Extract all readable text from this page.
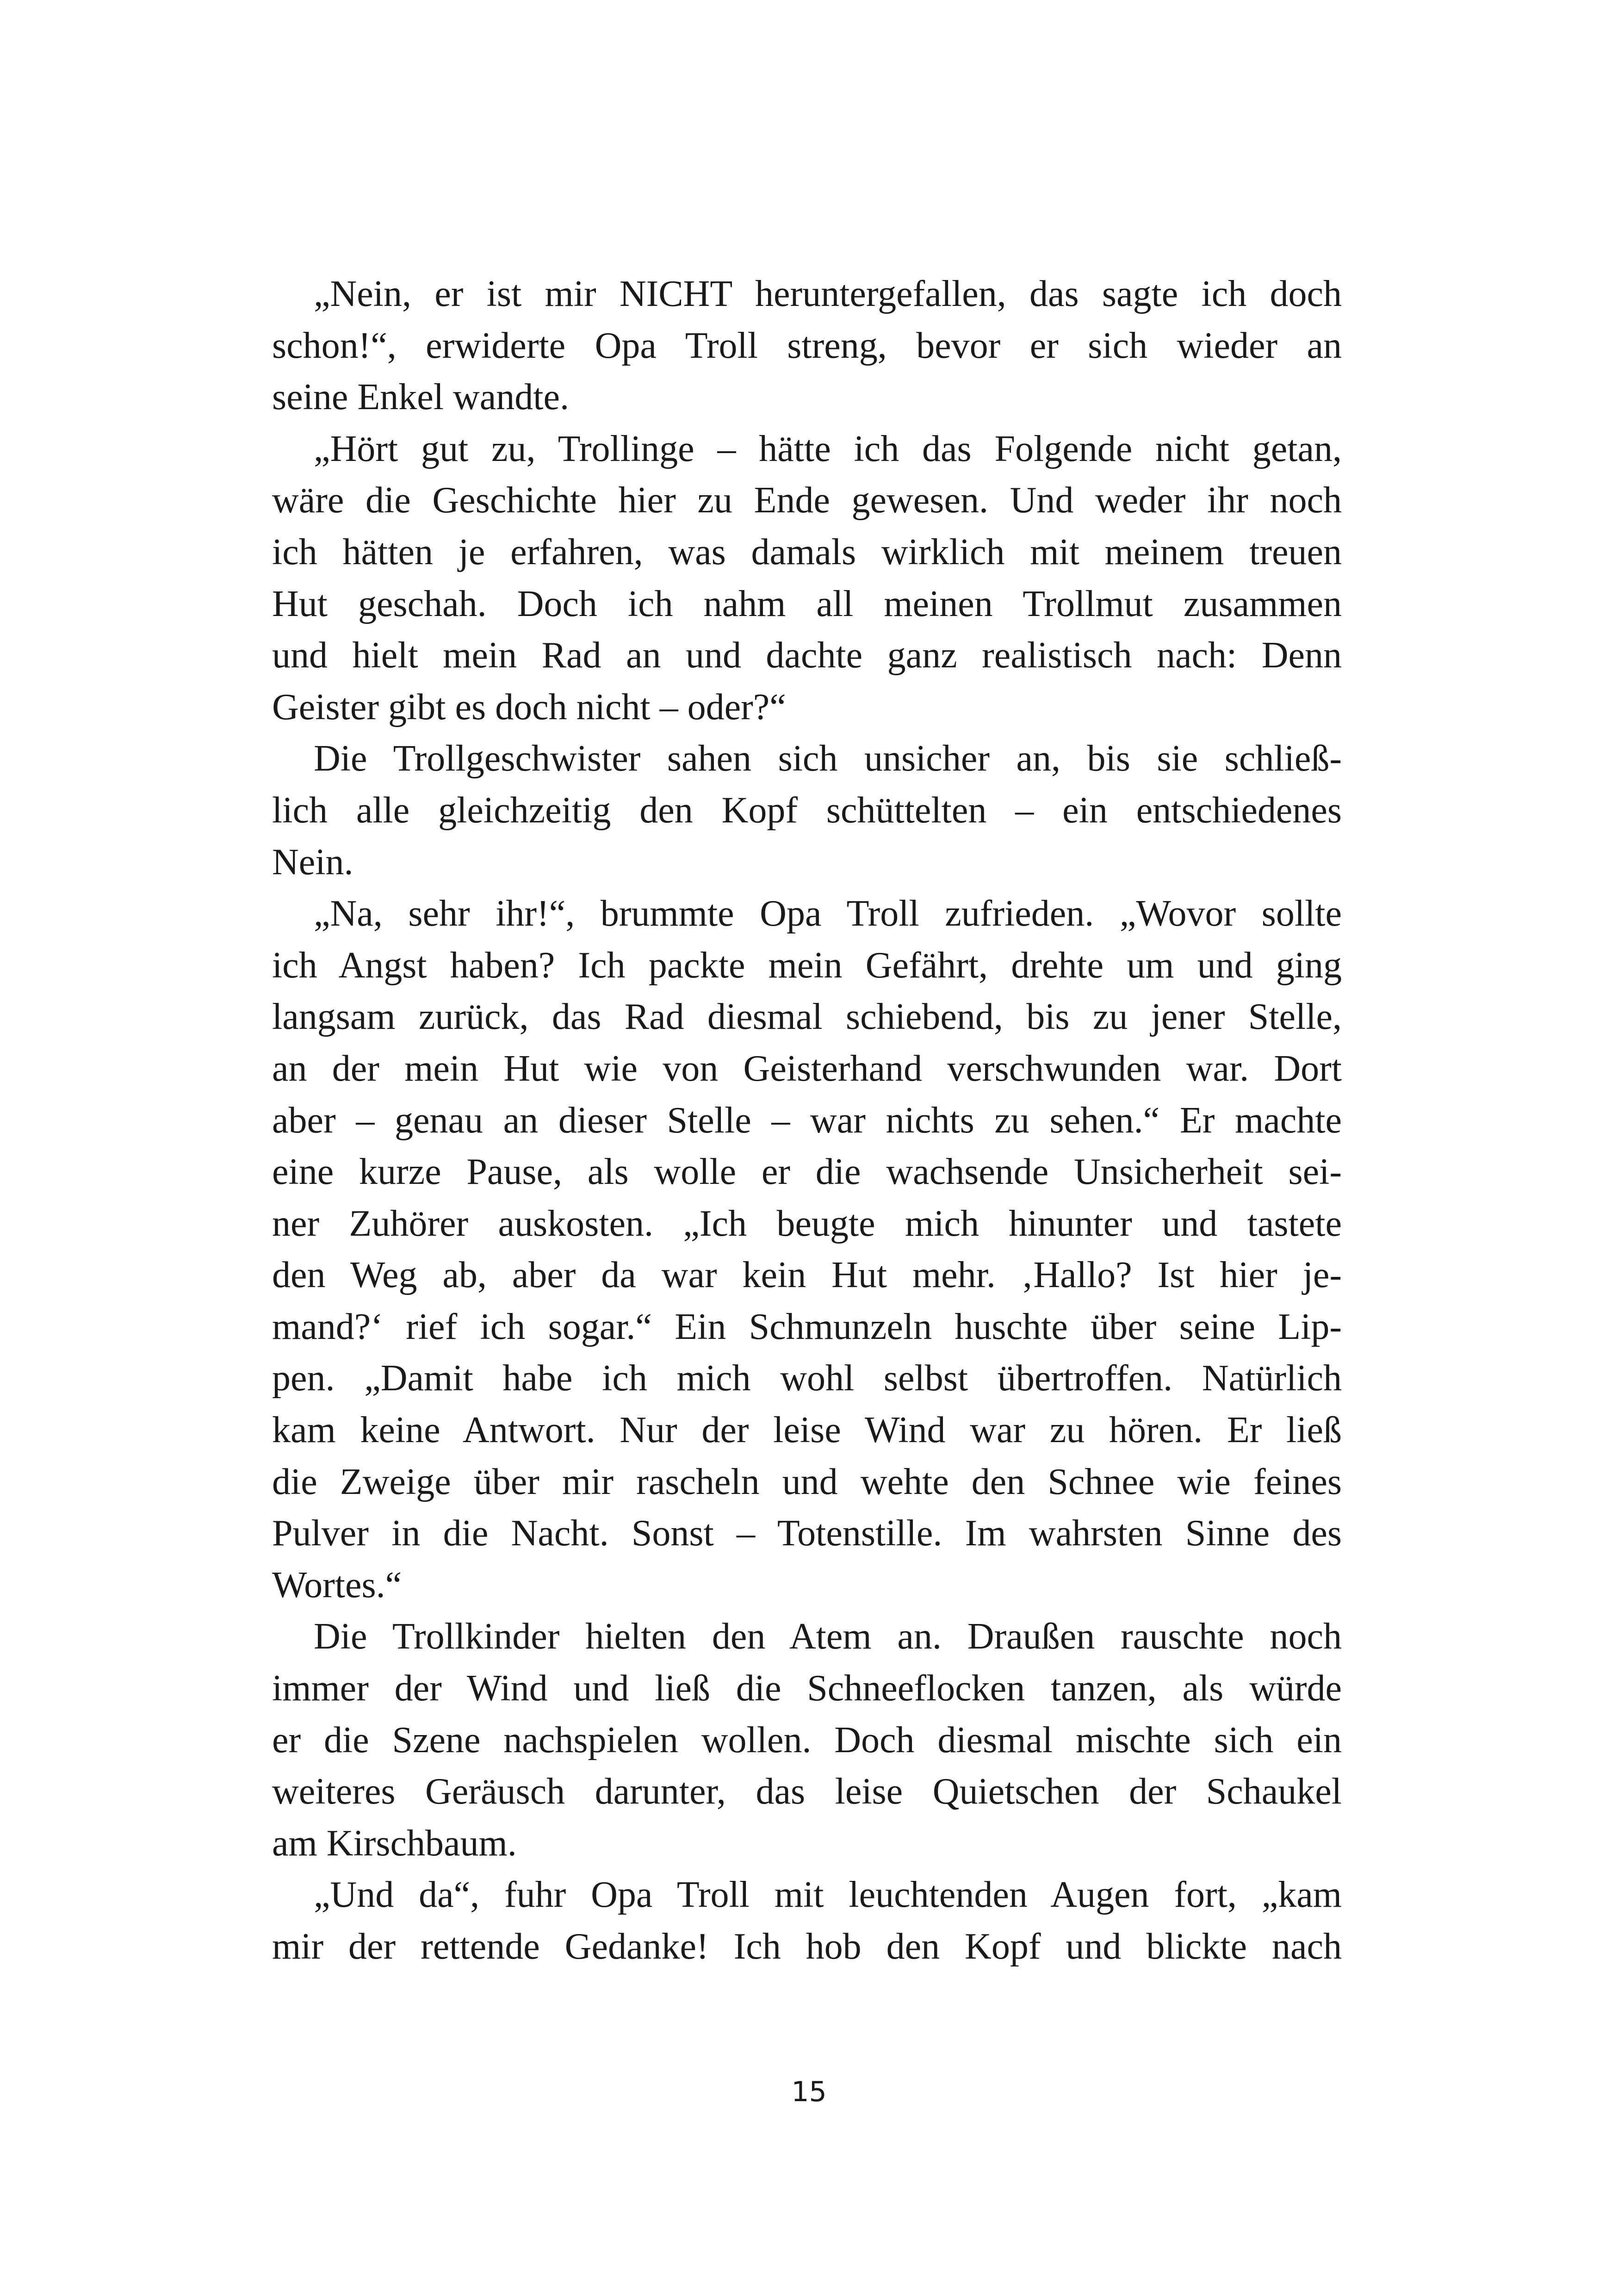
„Nein, er ist mir NICHT heruntergefallen, das sagte ich doch
schon!“, erwiderte Opa Troll streng, bevor er sich wieder an
seine Enkel wandte.
„Hört gut zu, Trollinge – hätte ich das Folgende nicht getan,
wäre die Geschichte hier zu Ende gewesen. Und weder ihr noch
ich hätten je erfahren, was damals wirklich mit meinem treuen
Hut geschah. Doch ich nahm all meinen Trollmut zusammen
und hielt mein Rad an und dachte ganz realistisch nach: Denn
Geister gibt es doch nicht – oder?“
Die Trollgeschwister sahen sich unsicher an, bis sie schließ-
lich alle gleichzeitig den Kopf schüttelten – ein entschiedenes
Nein.
„Na, sehr ihr!“, brummte Opa Troll zufrieden. „Wovor sollte
ich Angst haben? Ich packte mein Gefährt, drehte um und ging
langsam zurück, das Rad diesmal schiebend, bis zu jener Stelle,
an der mein Hut wie von Geisterhand verschwunden war. Dort
aber – genau an dieser Stelle – war nichts zu sehen.“ Er machte
eine kurze Pause, als wolle er die wachsende Unsicherheit sei-
ner Zuhörer auskosten. „Ich beugte mich hinunter und tastete
den Weg ab, aber da war kein Hut mehr. ‚Hallo? Ist hier je-
mand?‘ rief ich sogar.“ Ein Schmunzeln huschte über seine Lip-
pen. „Damit habe ich mich wohl selbst übertroffen. Natürlich
kam keine Antwort. Nur der leise Wind war zu hören. Er ließ
die Zweige über mir rascheln und wehte den Schnee wie feines
Pulver in die Nacht. Sonst – Totenstille. Im wahrsten Sinne des
Wortes.“
Die Trollkinder hielten den Atem an. Draußen rauschte noch
immer der Wind und ließ die Schneeflocken tanzen, als würde
er die Szene nachspielen wollen. Doch diesmal mischte sich ein
weiteres Geräusch darunter, das leise Quietschen der Schaukel
am Kirschbaum.
„Und da“, fuhr Opa Troll mit leuchtenden Augen fort, „kam
mir der rettende Gedanke! Ich hob den Kopf und blickte nach
15
